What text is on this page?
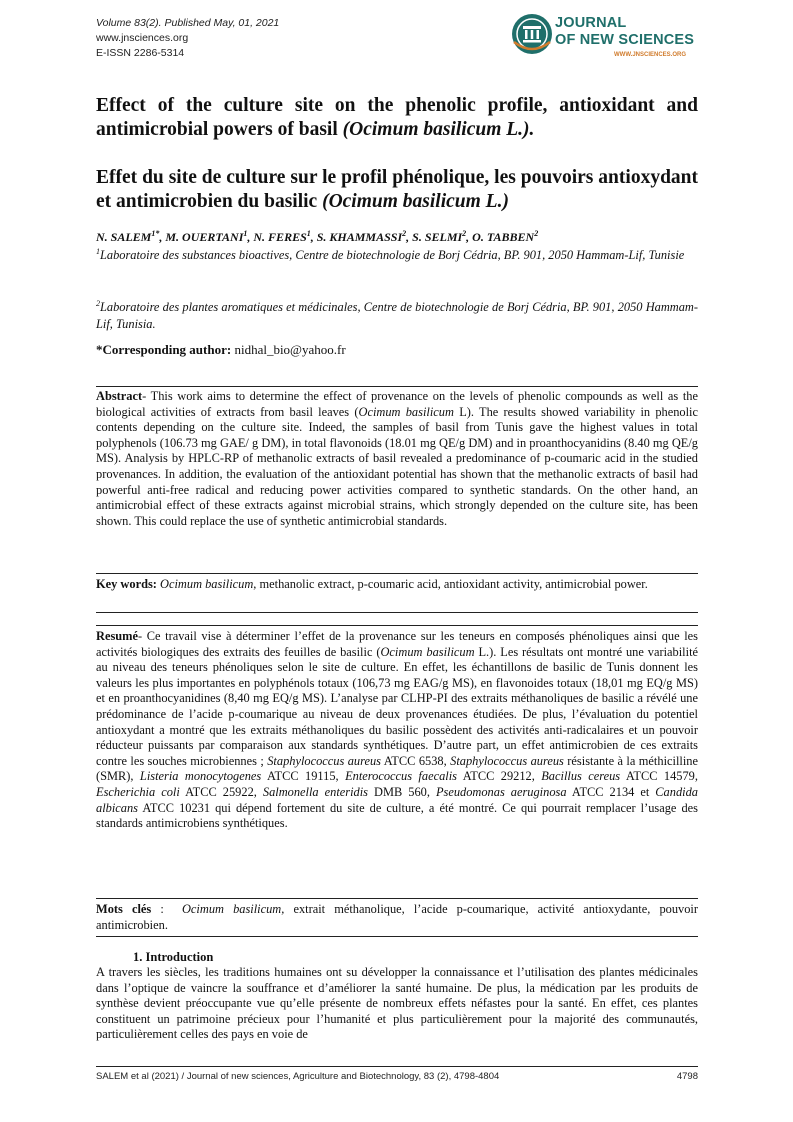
Volume 83(2). Published May, 01, 2021
www.jnsciences.org
E-ISSN 2286-5314
JOURNAL
OF NEW SCIENCES
WWW.JNSCIENCES.ORG
Effect of the culture site on the phenolic profile, antioxidant and antimicrobial powers of basil (Ocimum basilicum L.).
Effet du site de culture sur le profil phénolique, les pouvoirs antioxydant et antimicrobien du basilic (Ocimum basilicum L.)
N. $SALEM^{1*}$, M. OUERTANI$^1$, N. FERES$^1$, S. KHAMMASSI$^2$, S. SELMI$^2$, O. TABBEN$^2$
$^1$Laboratoire des substances bioactives, Centre de biotechnologie de Borj Cédria, BP. 901, 2050 Hammam-Lif, Tunisie
$^2$Laboratoire des plantes aromatiques et médicinales, Centre de biotechnologie de Borj Cédria, BP. 901, 2050 Hammam-Lif, Tunisia.
*Corresponding author: nidhal_bio@yahoo.fr
Abstract- This work aims to determine the effect of provenance on the levels of phenolic compounds as well as the biological activities of extracts from basil leaves (Ocimum basilicum L). The results showed variability in phenolic contents depending on the culture site. Indeed, the samples of basil from Tunis gave the highest values in total polyphenols (106.73 mg GAE/ g DM), in total flavonoids (18.01 mg QE/g DM) and in proanthocyanidins (8.40 mg QE/g MS). Analysis by HPLC-RP of methanolic extracts of basil revealed a predominance of p-coumaric acid in the studied provenances. In addition, the evaluation of the antioxidant potential has shown that the methanolic extracts of basil had powerful anti-free radical and reducing power activities compared to synthetic standards. On the other hand, an antimicrobial effect of these extracts against microbial strains, which strongly depended on the culture site, has been shown. This could replace the use of synthetic antimicrobial standards.
Key words: Ocimum basilicum, methanolic extract, p-coumaric acid, antioxidant activity, antimicrobial power.
Resumé- Ce travail vise à déterminer l’effet de la provenance sur les teneurs en composés phénoliques ainsi que les activités biologiques des extraits des feuilles de basilic (Ocimum basilicum L.). Les résultats ont montré une variabilité au niveau des teneurs phénoliques selon le site de culture. En effet, les échantillons de basilic de Tunis donnent les valeurs les plus importantes en polyphénols totaux (106,73 mg EAG/g MS), en flavonoides totaux (18,01 mg EQ/g MS) et en proanthocyanidines (8,40 mg EQ/g MS). L’analyse par CLHP-PI des extraits méthanoliques de basilic a révélé une prédominance de l’acide p-coumarique au niveau de deux provenances étudiées. De plus, l’évaluation du potentiel antioxydant a montré que les extraits méthanoliques du basilic possèdent des activités anti-radicalaires et un pouvoir réducteur puissants par comparaison aux standards synthétiques. D’autre part, un effet antimicrobien de ces extraits contre les souches microbiennes ; Staphylococcus aureus ATCC 6538, Staphylococcus aureus résistante à la méthicilline (SMR), Listeria monocytogenes ATCC 19115, Enterococcus faecalis ATCC 29212, Bacillus cereus ATCC 14579, Escherichia coli ATCC 25922, Salmonella enteridis DMB 560, Pseudomonas aeruginosa ATCC 2134 et Candida albicans ATCC 10231 qui dépend fortement du site de culture, a été montré. Ce qui pourrait remplacer l’usage des standards antimicrobiens synthétiques.
Mots clés :  Ocimum basilicum, extrait méthanolique, l’acide p-coumarique, activité antioxydante, pouvoir antimicrobien.
1. Introduction
A travers les siècles, les traditions humaines ont su développer la connaissance et l’utilisation des plantes médicinales dans l’optique de vaincre la souffrance et d’améliorer la santé humaine. De plus, la médication par les produits de synthèse devient préoccupante vue qu’elle présente de nombreux effets néfastes pour la santé. En effet, ces plantes constituent un patrimoine précieux pour l’humanité et plus particulièrement pour la majorité des communautés, particulièrement celles des pays en voie de
SALEM et al (2021) / Journal of new sciences, Agriculture and Biotechnology, 83 (2), 4798-4804	4798
